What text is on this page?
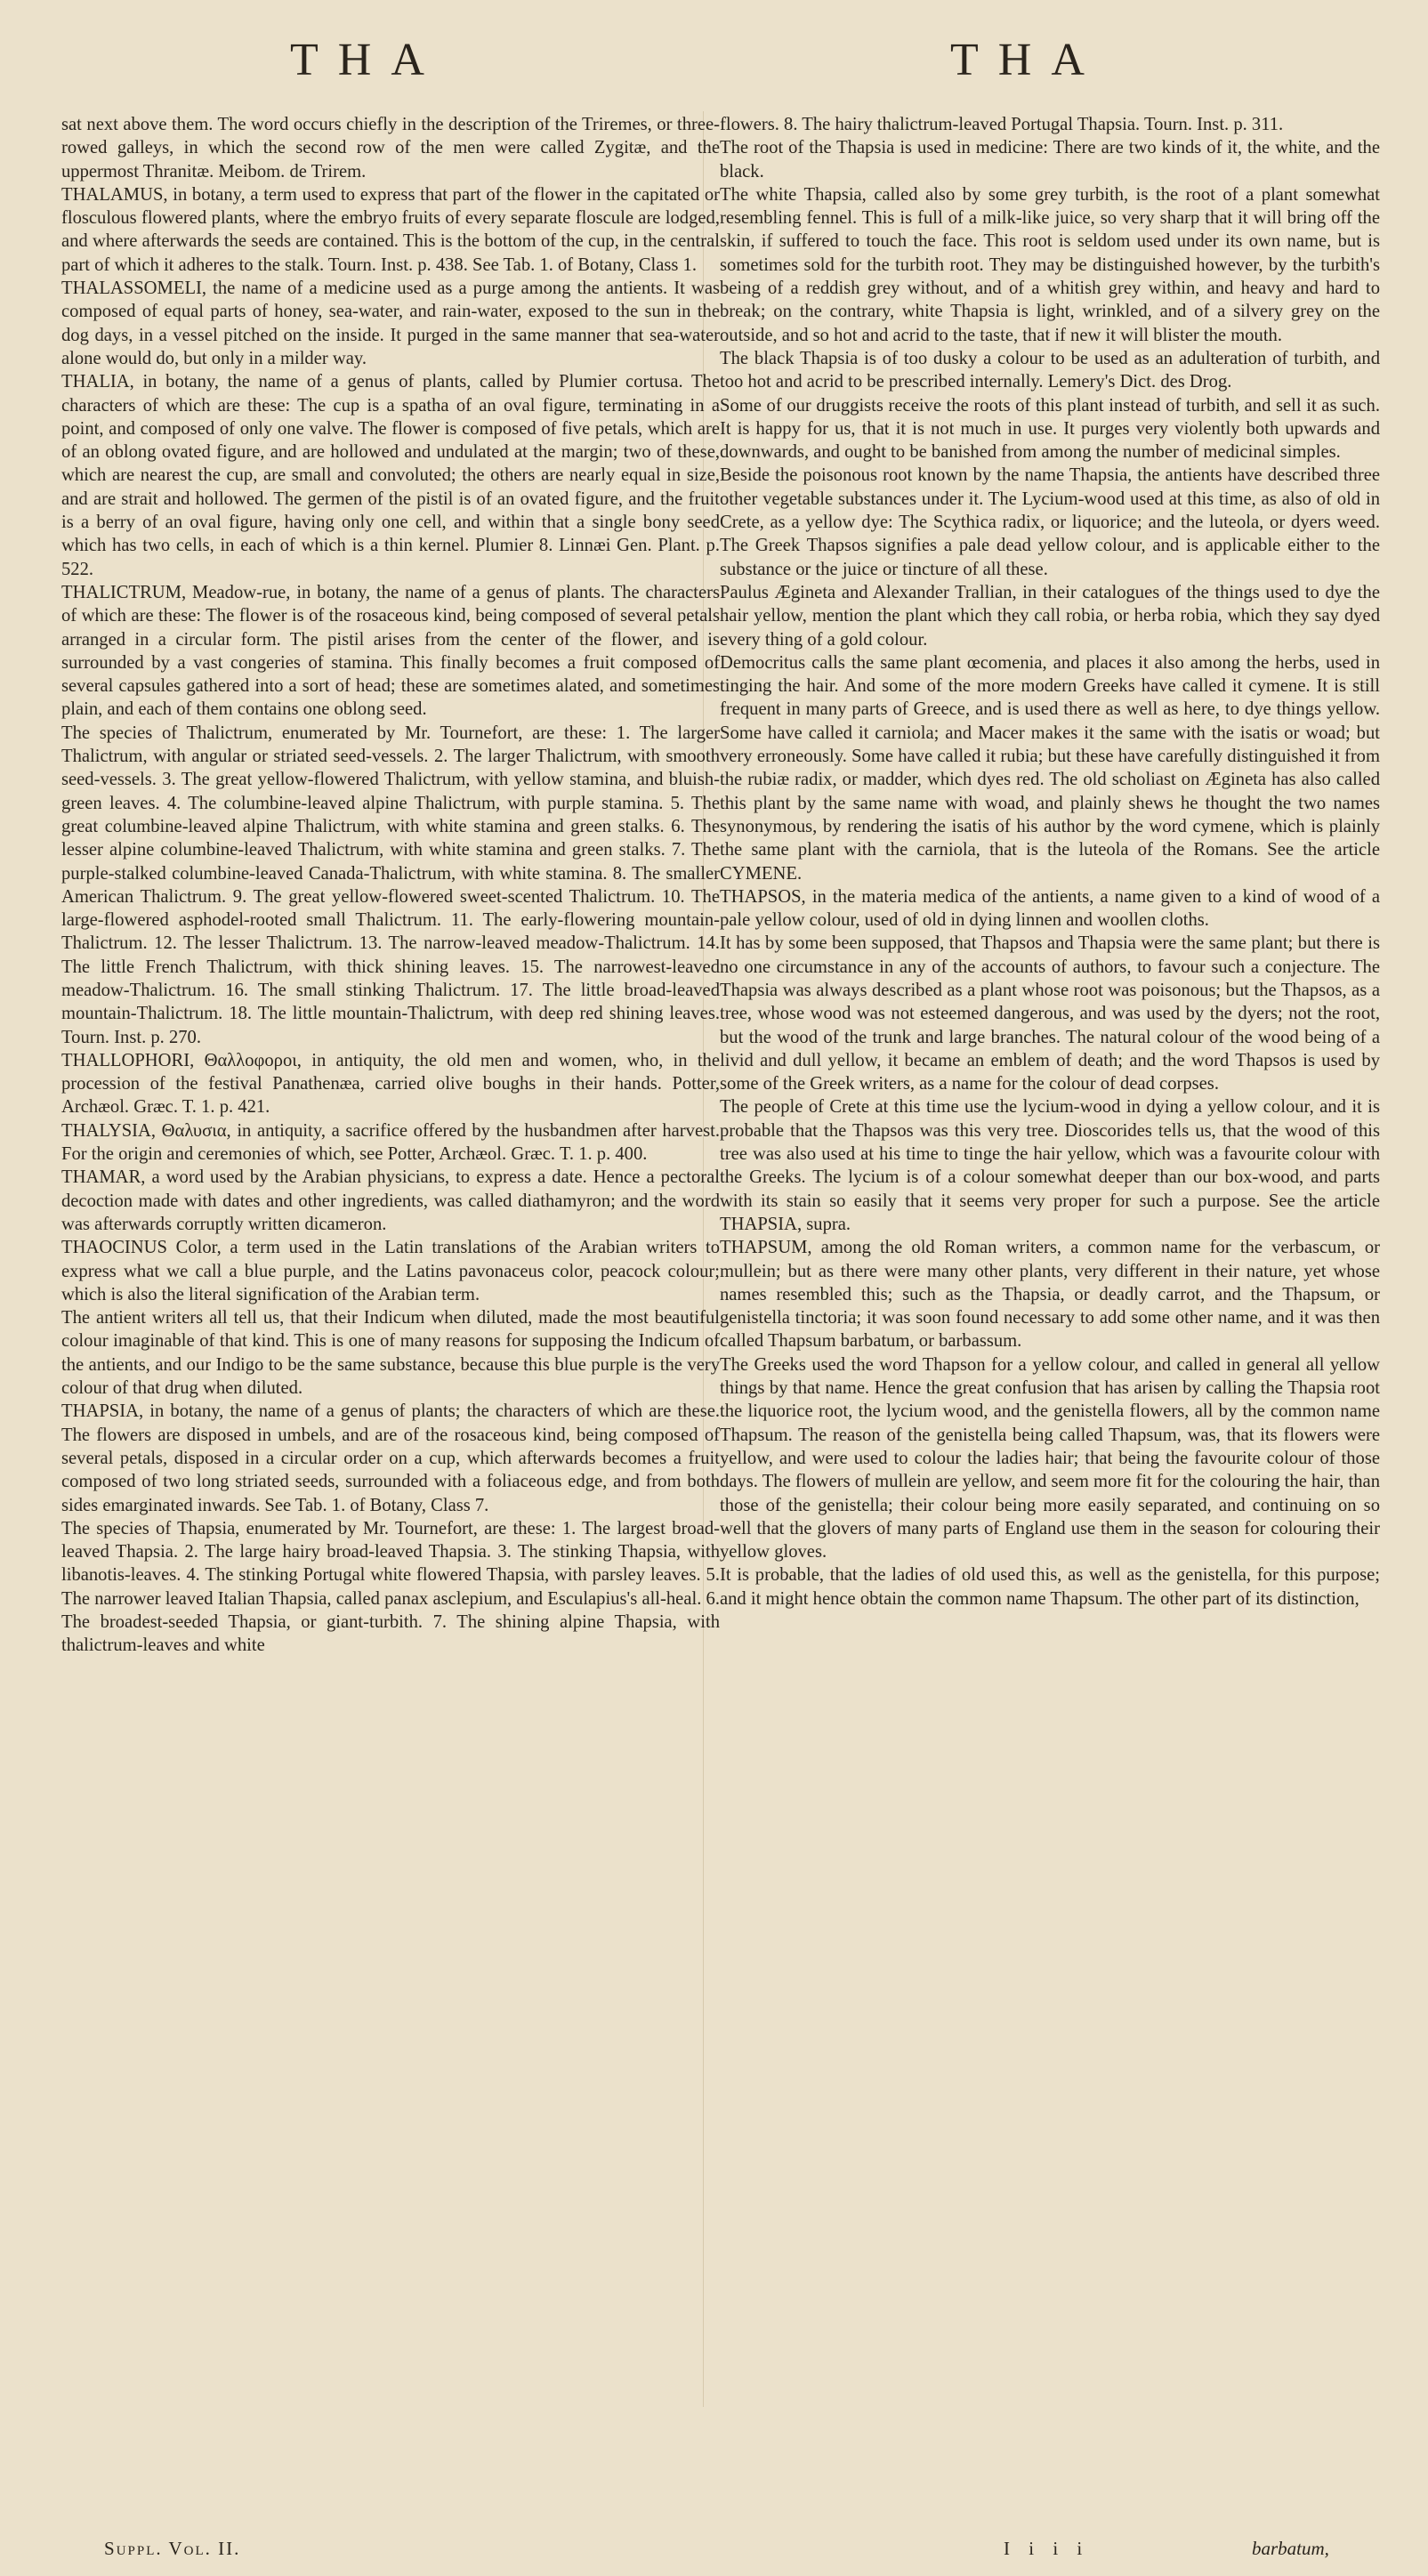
THA	THA

sat next above them. The word occurs chiefly in the description of the Triremes, or three-rowed galleys, in which the second row of the men were called Zygitæ, and the uppermost Thranitæ. Meibom. de Trirem.

THALAMUS, in botany, a term used to express that part of the flower in the capitated or flosculous flowered plants, where the embryo fruits of every separate floscule are lodged, and where afterwards the seeds are contained. This is the bottom of the cup, in the central part of which it adheres to the stalk. Tourn. Inst. p. 438. See Tab. 1. of Botany, Class 1.

THALASSOMELI, the name of a medicine used as a purge among the antients. It was composed of equal parts of honey, sea-water, and rain-water, exposed to the sun in the dog days, in a vessel pitched on the inside. It purged in the same manner that sea-water alone would do, but only in a milder way.

THALIA, in botany, the name of a genus of plants, called by Plumier cortusa. The characters of which are these: The cup is a spatha of an oval figure, terminating in a point, and composed of only one valve. The flower is composed of five petals, which are of an oblong ovated figure, and are hollowed and undulated at the margin; two of these, which are nearest the cup, are small and convoluted; the others are nearly equal in size, and are strait and hollowed. The germen of the pistil is of an ovated figure, and the fruit is a berry of an oval figure, having only one cell, and within that a single bony seed which has two cells, in each of which is a thin kernel. Plumier 8. Linnæi Gen. Plant. p. 522.

THALICTRUM, Meadow-rue, in botany, the name of a genus of plants. The characters of which are these: The flower is of the rosaceous kind, being composed of several petals arranged in a circular form. The pistil arises from the center of the flower, and is surrounded by a vast congeries of stamina. This finally becomes a fruit composed of several capsules gathered into a sort of head; these are sometimes alated, and sometimes plain, and each of them contains one oblong seed.

The species of Thalictrum, enumerated by Mr. Tournefort, are these: 1. The larger Thalictrum, with angular or striated seed-vessels. 2. The larger Thalictrum, with smooth seed-vessels. 3. The great yellow-flowered Thalictrum, with yellow stamina, and bluish-green leaves. 4. The columbine-leaved alpine Thalictrum, with purple stamina. 5. The great columbine-leaved alpine Thalictrum, with white stamina and green stalks. 6. The lesser alpine columbine-leaved Thalictrum, with white stamina and green stalks. 7. The purple-stalked columbine-leaved Canada-Thalictrum, with white stamina. 8. The smaller American Thalictrum. 9. The great yellow-flowered sweet-scented Thalictrum. 10. The large-flowered asphodel-rooted small Thalictrum. 11. The early-flowering mountain-Thalictrum. 12. The lesser Thalictrum. 13. The narrow-leaved meadow-Thalictrum. 14. The little French Thalictrum, with thick shining leaves. 15. The narrowest-leaved meadow-Thalictrum. 16. The small stinking Thalictrum. 17. The little broad-leaved mountain-Thalictrum. 18. The little mountain-Thalictrum, with deep red shining leaves. Tourn. Inst. p. 270.

THALLOPHORI, Θαλλοφοροι, in antiquity, the old men and women, who, in the procession of the festival Panathenæa, carried olive boughs in their hands. Potter, Archæol. Græc. T. 1. p. 421.

THALYSIA, Θαλυσια, in antiquity, a sacrifice offered by the husbandmen after harvest. For the origin and ceremonies of which, see Potter, Archæol. Græc. T. 1. p. 400.

THAMAR, a word used by the Arabian physicians, to express a date. Hence a pectoral decoction made with dates and other ingredients, was called diathamyron; and the word was afterwards corruptly written dicameron.

THAOCINUS Color, a term used in the Latin translations of the Arabian writers to express what we call a blue purple, and the Latins pavonaceus color, peacock colour; which is also the literal signification of the Arabian term.

The antient writers all tell us, that their Indicum when diluted, made the most beautiful colour imaginable of that kind. This is one of many reasons for supposing the Indicum of the antients, and our Indigo to be the same substance, because this blue purple is the very colour of that drug when diluted.

THAPSIA, in botany, the name of a genus of plants; the characters of which are these. The flowers are disposed in umbels, and are of the rosaceous kind, being composed of several petals, disposed in a circular order on a cup, which afterwards becomes a fruit composed of two long striated seeds, surrounded with a foliaceous edge, and from both sides emarginated inwards. See Tab. 1. of Botany, Class 7.

The species of Thapsia, enumerated by Mr. Tournefort, are these: 1. The largest broad-leaved Thapsia. 2. The large hairy broad-leaved Thapsia. 3. The stinking Thapsia, with libanotis-leaves. 4. The stinking Portugal white flowered Thapsia, with parsley leaves. 5. The narrower leaved Italian Thapsia, called panax asclepium, and Esculapius's all-heal. 6. The broadest-seeded Thapsia, or giant-turbith. 7. The shining alpine Thapsia, with thalictrum-leaves and white

flowers. 8. The hairy thalictrum-leaved Portugal Thapsia. Tourn. Inst. p. 311.

The root of the Thapsia is used in medicine: There are two kinds of it, the white, and the black.

The white Thapsia, called also by some grey turbith, is the root of a plant somewhat resembling fennel. This is full of a milk-like juice, so very sharp that it will bring off the skin, if suffered to touch the face. This root is seldom used under its own name, but is sometimes sold for the turbith root. They may be distinguished however, by the turbith's being of a reddish grey without, and of a whitish grey within, and heavy and hard to break; on the contrary, white Thapsia is light, wrinkled, and of a silvery grey on the outside, and so hot and acrid to the taste, that if new it will blister the mouth.

The black Thapsia is of too dusky a colour to be used as an adulteration of turbith, and too hot and acrid to be prescribed internally. Lemery's Dict. des Drog.

Some of our druggists receive the roots of this plant instead of turbith, and sell it as such. It is happy for us, that it is not much in use. It purges very violently both upwards and downwards, and ought to be banished from among the number of medicinal simples.

Beside the poisonous root known by the name Thapsia, the antients have described three other vegetable substances under it. The Lycium-wood used at this time, as also of old in Crete, as a yellow dye: The Scythica radix, or liquorice; and the luteola, or dyers weed. The Greek Thapsos signifies a pale dead yellow colour, and is applicable either to the substance or the juice or tincture of all these.

Paulus Ægineta and Alexander Trallian, in their catalogues of the things used to dye the hair yellow, mention the plant which they call robia, or herba robia, which they say dyed every thing of a gold colour.

Democritus calls the same plant œcomenia, and places it also among the herbs, used in tinging the hair. And some of the more modern Greeks have called it cymene. It is still frequent in many parts of Greece, and is used there as well as here, to dye things yellow. Some have called it carniola; and Macer makes it the same with the isatis or woad; but very erroneously. Some have called it rubia; but these have carefully distinguished it from the rubiæ radix, or madder, which dyes red. The old scholiast on Ægineta has also called this plant by the same name with woad, and plainly shews he thought the two names synonymous, by rendering the isatis of his author by the word cymene, which is plainly the same plant with the carniola, that is the luteola of the Romans. See the article CYMENE.

THAPSOS, in the materia medica of the antients, a name given to a kind of wood of a pale yellow colour, used of old in dying linnen and woollen cloths.

It has by some been supposed, that Thapsos and Thapsia were the same plant; but there is no one circumstance in any of the accounts of authors, to favour such a conjecture. The Thapsia was always described as a plant whose root was poisonous; but the Thapsos, as a tree, whose wood was not esteemed dangerous, and was used by the dyers; not the root, but the wood of the trunk and large branches. The natural colour of the wood being of a livid and dull yellow, it became an emblem of death; and the word Thapsos is used by some of the Greek writers, as a name for the colour of dead corpses.

The people of Crete at this time use the lycium-wood in dying a yellow colour, and it is probable that the Thapsos was this very tree. Dioscorides tells us, that the wood of this tree was also used at his time to tinge the hair yellow, which was a favourite colour with the Greeks. The lycium is of a colour somewhat deeper than our box-wood, and parts with its stain so easily that it seems very proper for such a purpose. See the article THAPSIA, supra.

THAPSUM, among the old Roman writers, a common name for the verbascum, or mullein; but as there were many other plants, very different in their nature, yet whose names resembled this; such as the Thapsia, or deadly carrot, and the Thapsum, or genistella tinctoria; it was soon found necessary to add some other name, and it was then called Thapsum barbatum, or barbassum.

The Greeks used the word Thapson for a yellow colour, and called in general all yellow things by that name. Hence the great confusion that has arisen by calling the Thapsia root the liquorice root, the lycium wood, and the genistella flowers, all by the common name Thapsum. The reason of the genistella being called Thapsum, was, that its flowers were yellow, and were used to colour the ladies hair; that being the favourite colour of those days. The flowers of mullein are yellow, and seem more fit for the colouring the hair, than those of the genistella; their colour being more easily separated, and continuing on so well that the glovers of many parts of England use them in the season for colouring their yellow gloves.

It is probable, that the ladies of old used this, as well as the genistella, for this purpose; and it might hence obtain the common name Thapsum. The other part of its distinction,

Suppl. Vol. II.	I i i i	barbatum,
